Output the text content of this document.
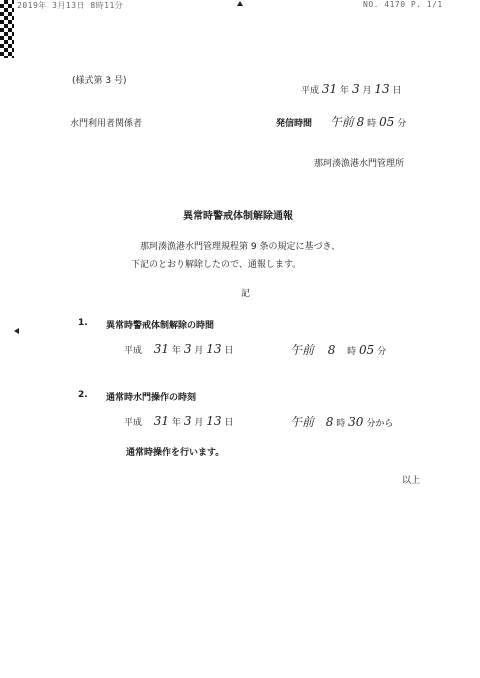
2019年 3月13日 8時11分	NO. 4170 P. 1/1
(様式第 3 号)
平成 31 年 3 月 13 日
水門利用者関係者	発信時間 午前 8 時 05 分
那珂湊漁港水門管理所
異常時警戒体制解除通報
那珂湊漁港水門管理規程第 9 条の規定に基づき、
下記のとおり解除したので、通報します。
記
1. 異常時警戒体制解除の時間
平成 31 年 3 月 13 日	午前 8 時 05 分
2. 通常時水門操作の時刻
平成 31 年 3 月 13 日	午前 8 時 30 分から
通常時操作を行います。
以上
